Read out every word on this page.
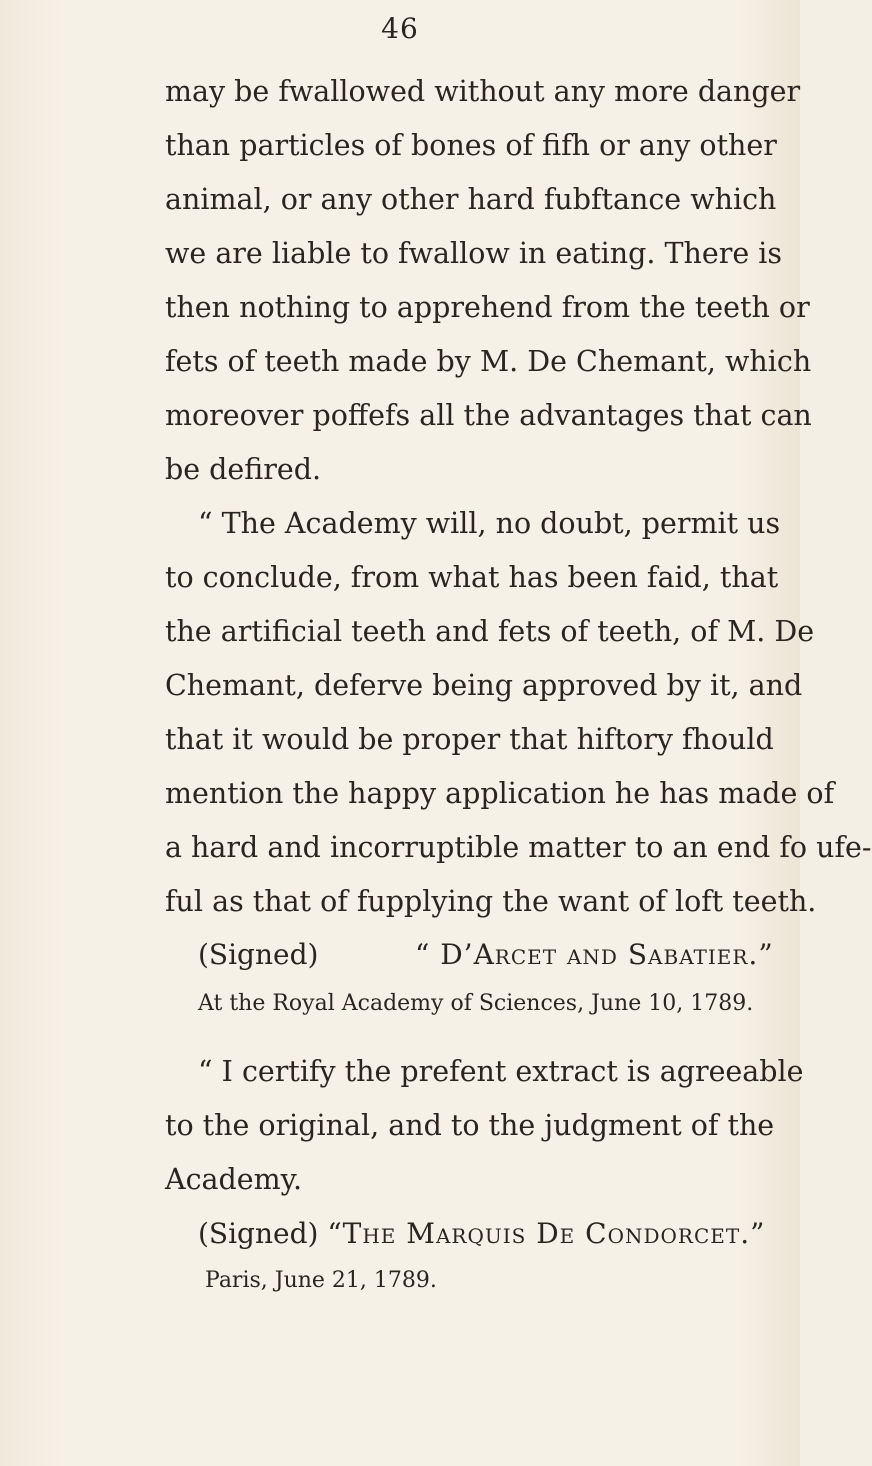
46
may be fwallowed without any more danger
than particles of bones of fifh or any other
animal, or any other hard fubftance which
we are liable to fwallow in eating. There is
then nothing to apprehend from the teeth or
fets of teeth made by M. De Chemant, which
moreover poffefs all the advantages that can
be defired.
“ The Academy will, no doubt, permit us
to conclude, from what has been faid, that
the artificial teeth and fets of teeth, of M. De
Chemant, deferve being approved by it, and
that it would be proper that hiftory fhould
mention the happy application he has made of
a hard and incorruptible matter to an end fo ufe-
ful as that of fupplying the want of loft teeth.
(Signed)	“ D’Arcet and Sabatier.”
At the Royal Academy of Sciences, June 10, 1789.
“ I certify the prefent extract is agreeable
to the original, and to the judgment of the
Academy.
(Signed) “The Marquis De Condorcet.”
Paris, June 21, 1789.
